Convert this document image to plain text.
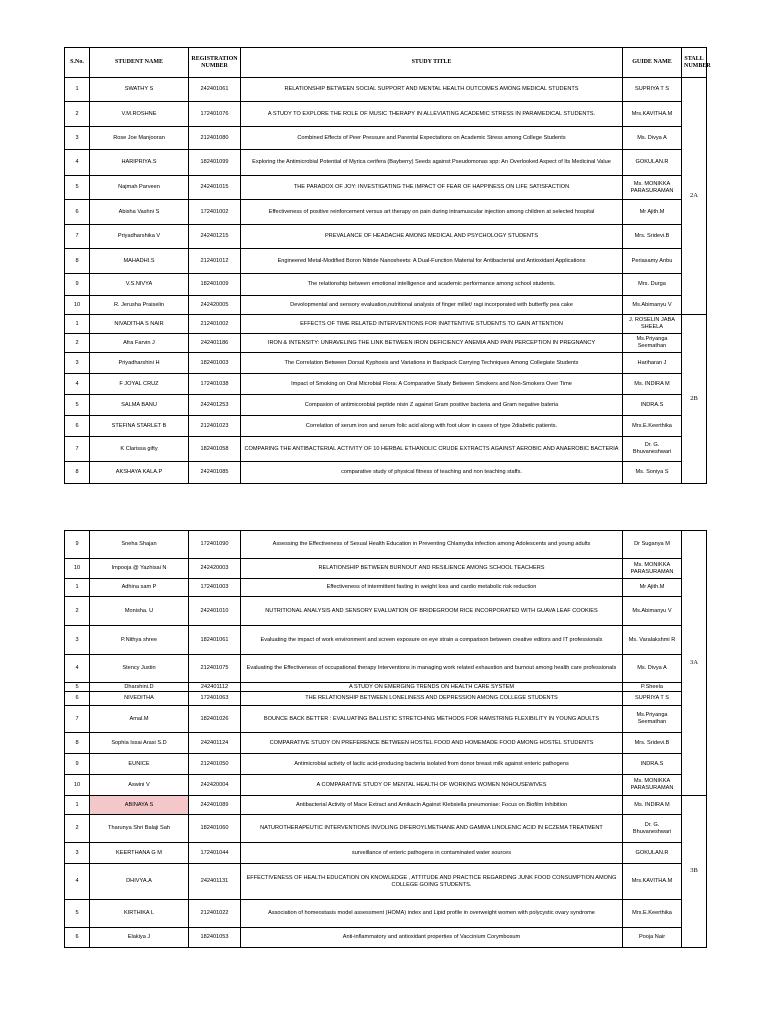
S.No.	STUDENT NAME	REGISTRATION NUMBER	STUDY TITLE	GUIDE NAME	STALL NUMBER
1	SWATHY S	242401061	RELATIONSHIP BETWEEN SOCIAL SUPPORT AND MENTAL HEALTH OUTCOMES AMONG MEDICAL STUDENTS	SUPRIYA T S	2A
2	V.M.ROSHNE	172401076	A STUDY TO EXPLORE THE ROLE OF MUSIC THERAPY IN ALLEVIATING ACADEMIC STRESS IN PARAMEDICAL STUDENTS.	Mrs.KAVITHA.M	
3	Rose Joe Manjooran	212401080	Combined Effects of Peer Pressure and Parental Expectations on Academic Stress among College Students	Ms. Divya A	
4	HARIPRIYA.S	182401099	Exploring the Antimicrobial Potential of Myrica cerifera (Bayberry) Seeds against Pseudomonas spp: An Overlooked Aspect of Its Medicinal Value	GOKULAN.R	
5	Najmah Parveen	242401015	THE PARADOX OF JOY: INVESTIGATING THE IMPACT OF FEAR OF HAPPINESS ON LIFE SATISFACTION	Ms. MONIKKA PARASURAMAN	
6	Abisha Vashni S	172401002	Effectiveness of positive reinforcement versus art therapy on pain during intramuscular injection among children at selected hospital	Mr Ajith.M	
7	Priyadharshika V	242401215	PREVALANCE OF HEADACHE AMONG MEDICAL AND PSYCHOLOGY STUDENTS	Mrs. Sridevi.B	
8	MAHADHI.S	212401012	Engineered Metal-Modified Boron Nitride Nanosheets: A Dual-Function Material for Antibacterial and Antioxidant Applications	Periasamy Anbu	
9	V.S.NIVYA	182401009	The relationship between emotional intelligence and academic performance among school students.	Mrs. Durga	
10	R. Jerusha Praiselin	242420005	Devolopmental and sensory evaluation,nutritional analysis of finger millet/ ragi incorporated with butterfly pea cake	Ms.Abimanyu V	
1	NIVADITHA S NAIR	212401002	EFFECTS OF TIME RELATED INTERVENTIONS FOR INATTENTIVE STUDENTS TO GAIN ATTENTION	J. ROSELIN JABA SHEELA	2B
2	Afra Farvin J	242401186	IRON & INTENSITY: UNRAVELING THE LINK BETWEEN IRON DEFICIENCY ANEMIA AND PAIN PERCEPTION IN PREGNANCY	Ms.Priyanga Seemathan	
3	Priyadharshini H	182401003	The Correlation Between Dorsal Kyphosis and Variations in Backpack Carrying Techniques Among Collegiate Students	Hariharan J	
4	F JOYAL CRUZ	172401038	Impact of Smoking on Oral Microbial Flora: A Comparative Study Between Smokers and Non-Smokers Over Time	Ms. INDIRA M	
5	SALMA BANU	242401253	Compasion of antimicorobial peptide nisin Z against Gram positive bacteria and Gram negative bateria	INDRA.S	
6	STEFINA STARLET B	212401023	Correlation of serum iron and serum folic acid along with foot ulcer in cases of type 2diabetic patients.	Mrs.E.Keerthika	
7	K Clarissa gifty	182401058	COMPARING THE ANTIBACTERIAL ACTIVITY OF 10 HERBAL ETHANOLIC CRUDE EXTRACTS AGAINST AEROBIC AND ANAEROBIC BACTERIA	Dr. G. Bhuvaneshwari	
8	AKSHAYA KALA.P	242401085	comparative study of physical fitness of teaching and non teaching staffs.	Ms. Soniya S	
9	Sneha Shajan	172401090	Assessing the Effectiveness of Sexual Health Education in Preventing Chlamydia infection among Adolescents and young adults	Dr Suganya M	3A
10	Impooja @ Yazhisai N	242420003	RELATIONSHIP BETWEEN BURNOUT AND RESILIENCE AMONG SCHOOL TEACHERS	Ms. MONIKKA PARASURAMAN	
1	Adhina sam P	172401003	Effectiveness of intermittent fasting in weight loss and cardio metabolic risk reduction	Mr Ajith.M	
2	Monisha. U	242401010	NUTRITIONAL ANALYSIS AND SENSORY EVALUATION OF BRIDEGROOM RICE INCORPORATED WITH GUAVA LEAF COOKIES	Ms.Abimanyu V	
3	P.Nithya shree	182401061	Evaluating the impact of work environment and screen exposure on eye strain a comparison between creative editors and IT professionals	Ms. Varalakshmi R	
4	Stency Justin	212401075	Evaluating the Effectiveness of occupational therapy Interventions in managing work related exhaustion and burnout among health care professionals	Ms. Divya A	
5	Dharshini.D	242401112	A STUDY ON EMERGING TRENDS ON HEALTH CARE SYSTEM	P.Sheela	
6	NIVEDITHA	172401063	THE RELATIONSHIP BETWEEN LONELINESS AND DEPRESSION AMONG COLLEGE STUDENTS	SUPRIYA T S	
7	Amal.M	182401026	BOUNCE BACK BETTER : EVALUATING BALLISTIC STRETCHING METHODS FOR HAMSTRING FLEXIBILITY IN YOUNG ADULTS	Ms.Priyanga Seemathan	
8	Sophia Issai Arasi S.D	242401124	COMPARATIVE STUDY ON PREFERENCE BETWEEN HOSTEL FOOD AND HOMEMADE FOOD AMONG HOSTEL STUDENTS	Mrs. Sridevi.B	
9	EUNICE	212401050	Antimicrobial activity of lactic acid-producing bacteria isolated from donor breast milk against enteric pathogens	INDRA.S	
10	Aswini V	242420004	A COMPARATIVE STUDY OF MENTAL HEALTH OF WORKING WOMEN N0HOUSEWIVES	Ms. MONIKKA PARASURAMAN	
1	ABINAYA S	242401089	Antibacterial Activity of Mace Extract and Amikacin Against Klebsiella pneumoniae: Focus on Biofilm Inhibition	Ms. INDIRA M	3B
2	Tharunya Shri Balaji Sah	182401060	NATUROTHERAPEUTIC INTERVENTIONS INVOLING DIFEROYLMETHANE AND GAMMA LINOLENIC ACID IN ECZEMA TREATMENT	Dr. G. Bhuvaneshwari	
3	KEERTHANA G M	172401044	surveillance of enteric pathogens in contaminated water sources	GOKULAN.R	
4	DHIVYA.A	242401131	EFFECTIVENESS OF HEALTH EDUCATION ON KNOWLEDGE , ATTITUDE AND PRACTICE REGARDING JUNK FOOD CONSUMPTION AMONG COLLEGE GOING STUDENTS.	Mrs.KAVITHA.M	
5	KIRTHIKA L	212401022	Association of homeostasis model assessment (HOMA) index and Lipid profile in overweight women with polycystic ovary syndrome	Mrs.E.Keerthika	
6	Elakiya J	182401053	Anti-inflammatory and antioxidant properties of Vaccinium Corymbosum	Pooja Nair	
